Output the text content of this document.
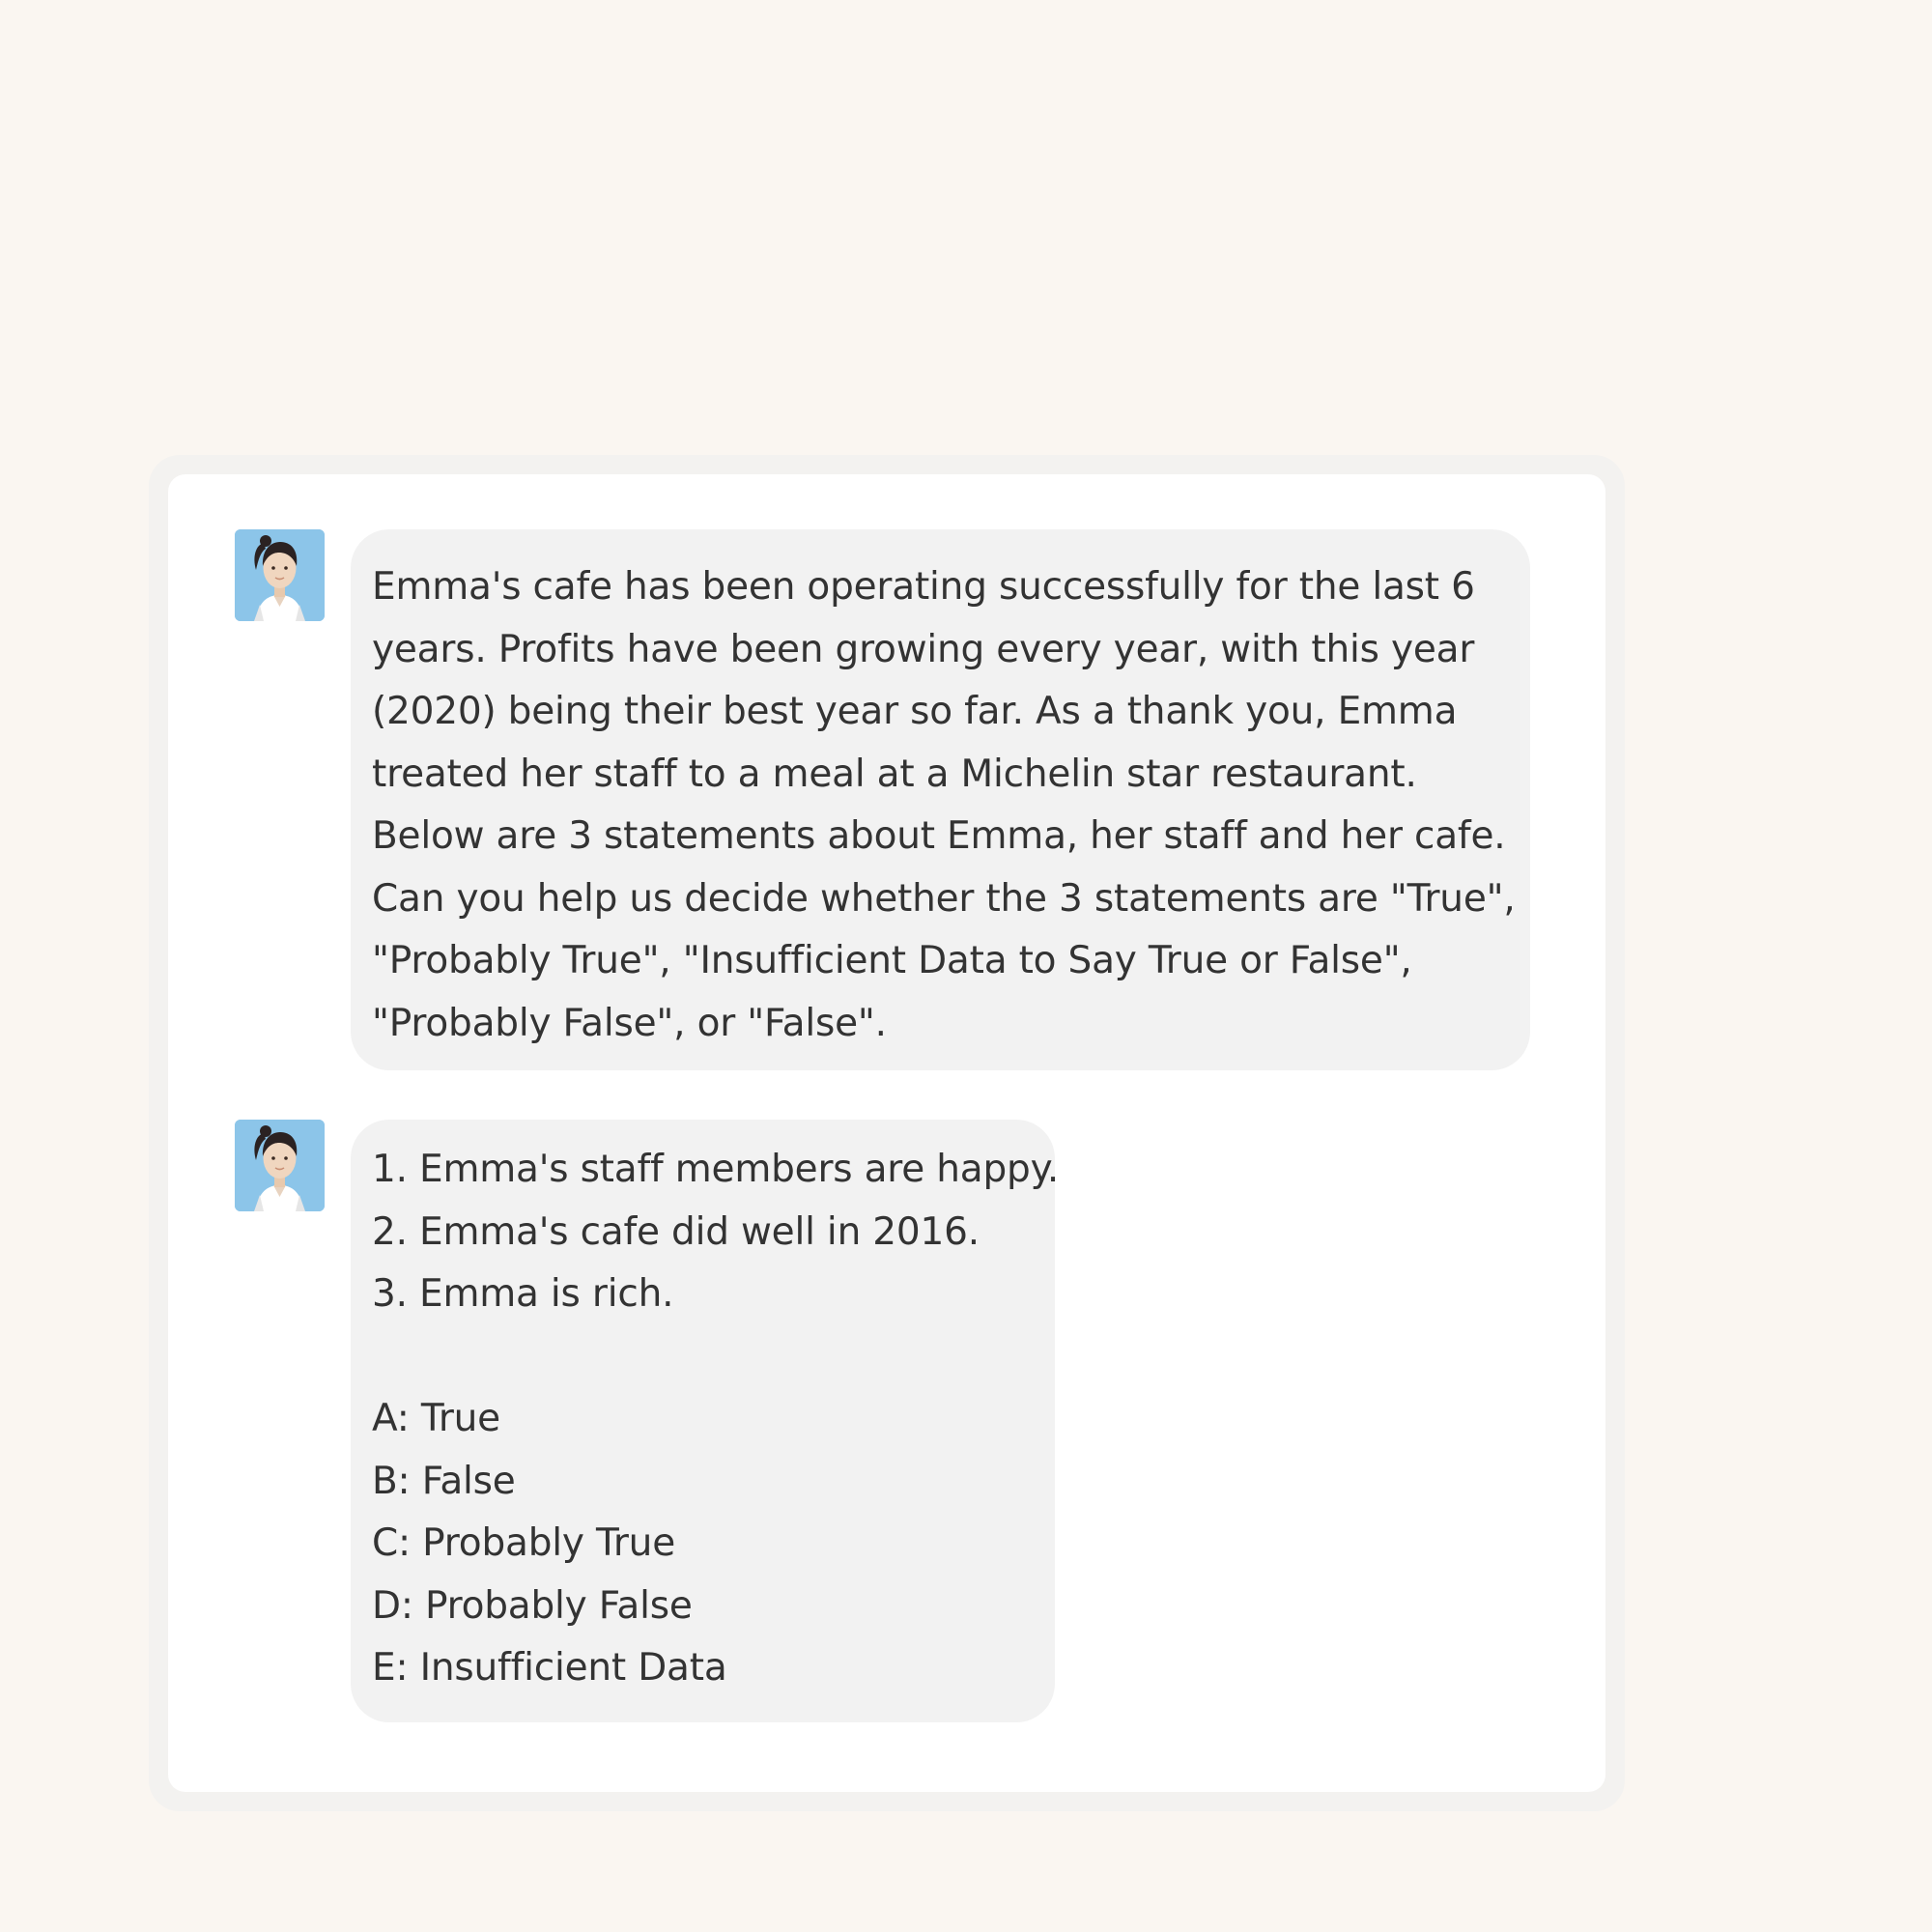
Emma's cafe has been operating successfully for the last 6
years. Profits have been growing every year, with this year
(2020) being their best year so far. As a thank you, Emma
treated her staff to a meal at a Michelin star restaurant.
Below are 3 statements about Emma, her staff and her cafe.
Can you help us decide whether the 3 statements are "True",
"Probably True", "Insufficient Data to Say True or False",
"Probably False", or "False".
1. Emma's staff members are happy.
2. Emma's cafe did well in 2016.
3. Emma is rich.
A: True
B: False
C: Probably True
D: Probably False
E: Insufficient Data
